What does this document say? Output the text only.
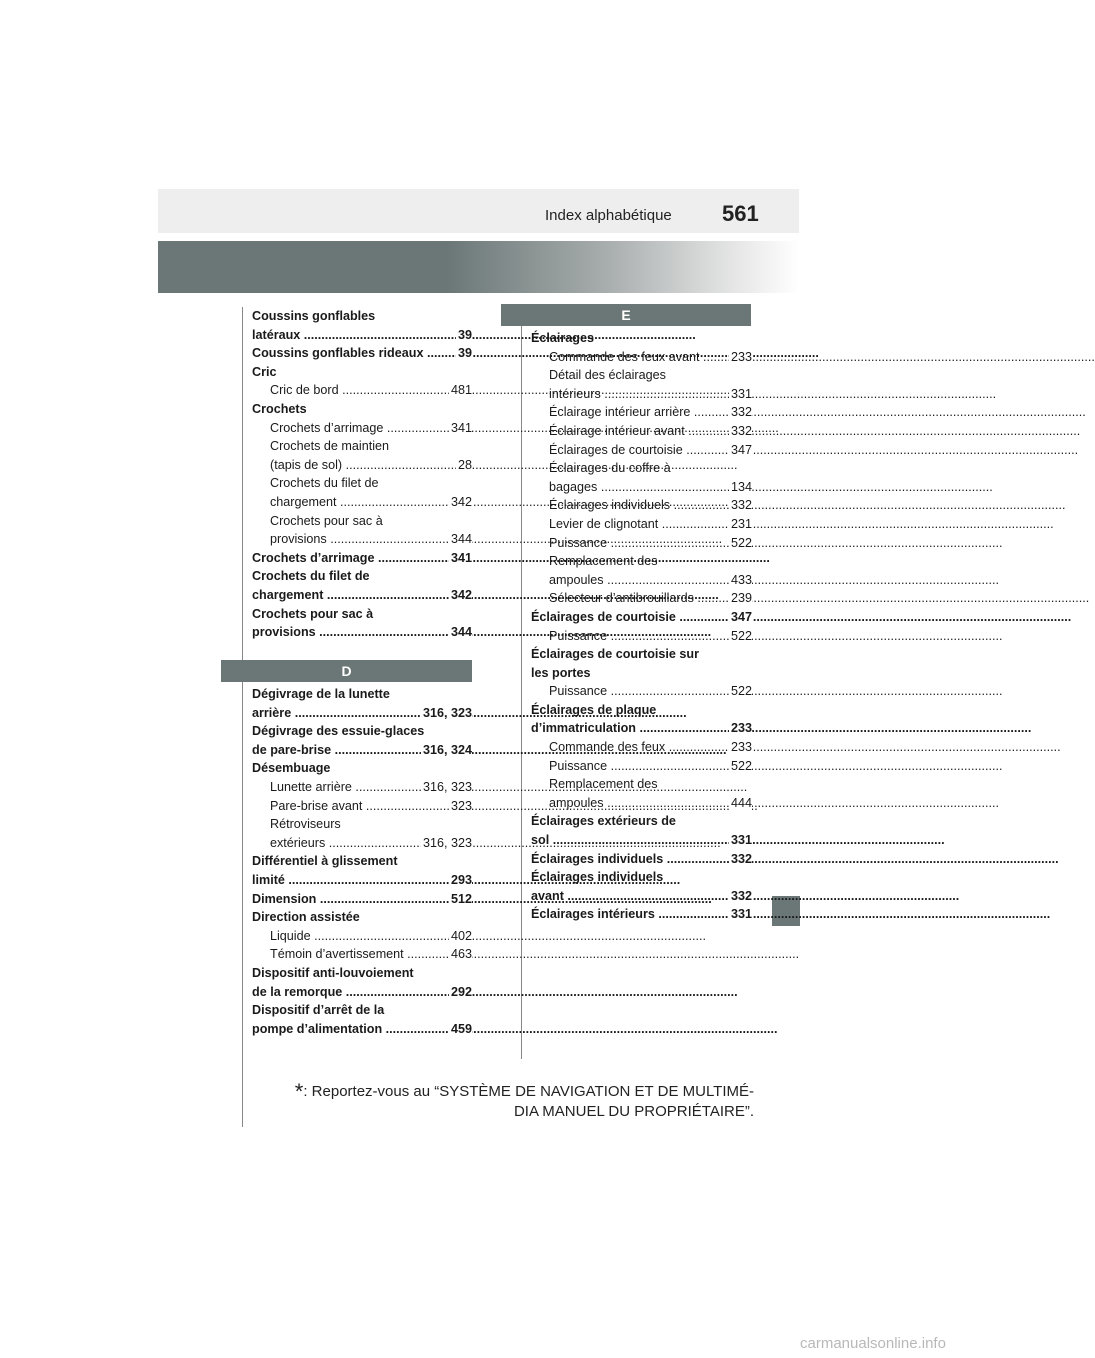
Index alphabétique 561
E
D
Coussins gonflables
latéraux .....	39
Coussins gonflables rideaux .....	39
Cric
Cric de bord .....	481
Crochets
Crochets d’arrimage .....	341
Crochets de maintien
(tapis de sol) .....	28
Crochets du filet de
chargement .....	342
Crochets pour sac à
provisions .....	344
Crochets d’arrimage .....	341
Crochets du filet de
chargement .....	342
Crochets pour sac à
provisions .....	344
Dégivrage de la lunette
arrière .....	316, 323
Dégivrage des essuie-glaces
de pare-brise .....	316, 324
Désembuage
Lunette arrière .....	316, 323
Pare-brise avant .....	323
Rétroviseurs
extérieurs .....	316, 323
Différentiel à glissement
limité .....	293
Dimension .....	512
Direction assistée
Liquide .....	402
Témoin d’avertissement .....	463
Dispositif anti-louvoiement
de la remorque .....	292
Dispositif d’arrêt de la
pompe d’alimentation .....	459
Éclairages
Commande des feux avant .....	233
Détail des éclairages
intérieurs .....	331
Éclairage intérieur arrière .....	332
Éclairage intérieur avant .....	332
Éclairages de courtoisie .....	347
Éclairages du coffre à
bagages .....	134
Éclairages individuels .....	332
Levier de clignotant .....	231
Puissance .....	522
Remplacement des
ampoules .....	433
Sélecteur d’antibrouillards .....	239
Éclairages de courtoisie .....	347
Puissance .....	522
Éclairages de courtoisie sur
les portes
Puissance .....	522
Éclairages de plaque
d’immatriculation .....	233
Commande des feux .....	233
Puissance .....	522
Remplacement des
ampoules .....	444
Éclairages extérieurs de
sol .....	331
Éclairages individuels .....	332
Éclairages individuels
avant .....	332
Éclairages intérieurs .....	331
*: Reportez-vous au “SYSTÈME DE NAVIGATION ET DE MULTIMÉ-
DIA MANUEL DU PROPRIÉTAIRE”.
carmanualsonline.info
